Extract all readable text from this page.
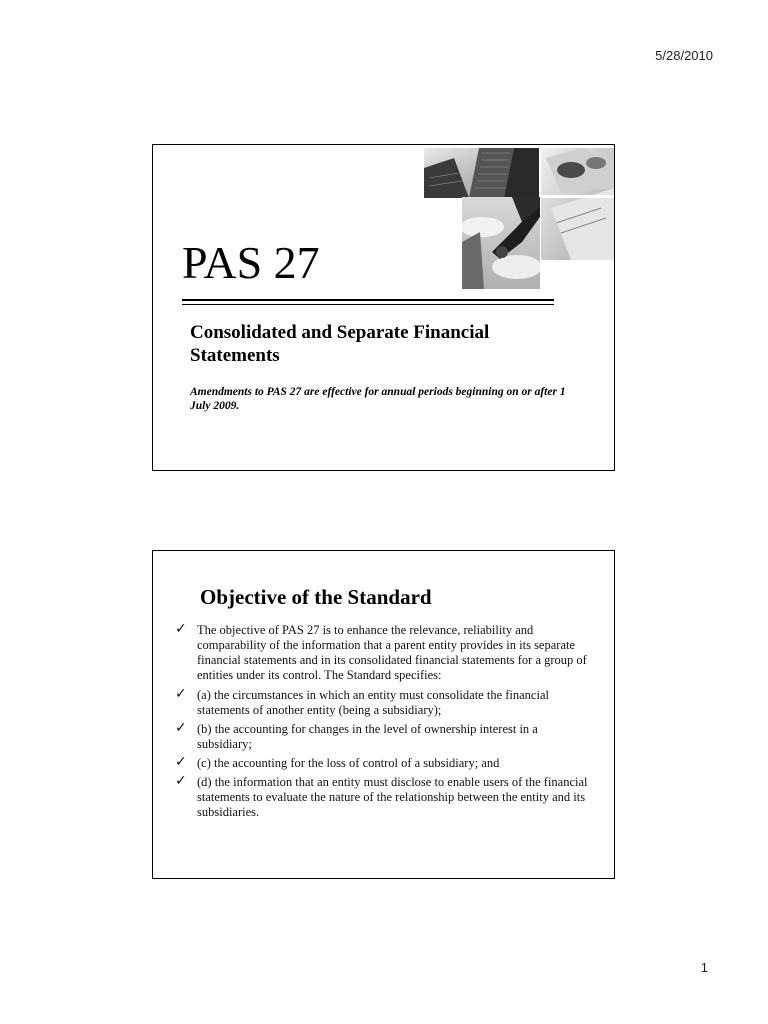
5/28/2010
PAS 27
Consolidated and Separate Financial Statements
Amendments to PAS 27 are effective for annual periods beginning on or after 1 July 2009.
Objective of the Standard
✓ The objective of PAS 27 is to enhance the relevance, reliability and comparability of the information that a parent entity provides in its separate financial statements and in its consolidated financial statements for a group of entities under its control. The Standard specifies:
✓ (a) the circumstances in which an entity must consolidate the financial statements of another entity (being a subsidiary);
✓ (b) the accounting for changes in the level of ownership interest in a subsidiary;
✓ (c) the accounting for the loss of control of a subsidiary; and
✓ (d) the information that an entity must disclose to enable users of the financial statements to evaluate the nature of the relationship between the entity and its subsidiaries.
1
